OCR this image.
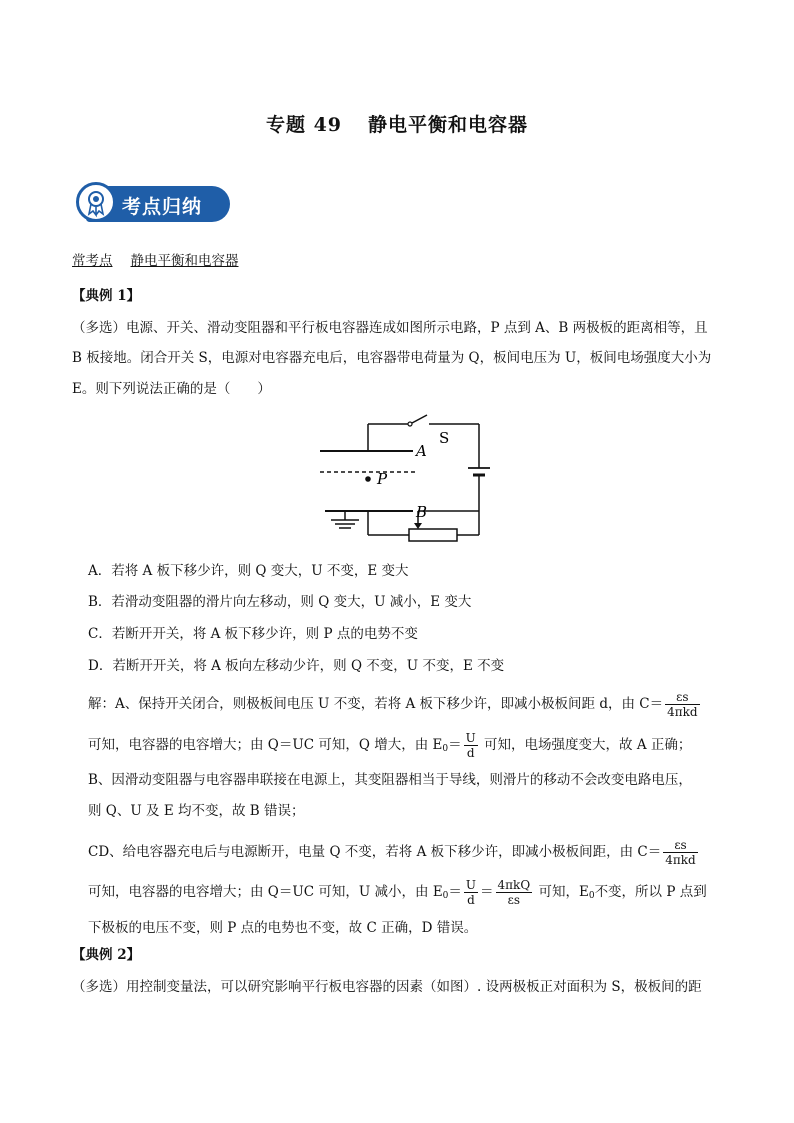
专题 49 静电平衡和电容器
考点归纳
常考点 静电平衡和电容器
【典例 1】
（多选）电源、开关、滑动变阻器和平行板电容器连成如图所示电路，P 点到 A、B 两极板的距离相等，且
B 板接地。闭合开关 S，电源对电容器充电后，电容器带电荷量为 Q，板间电压为 U，板间电场强度大小为
E。则下列说法正确的是（　　）
A
B
P
S
A．若将 A 板下移少许，则 Q 变大，U 不变，E 变大
B．若滑动变阻器的滑片向左移动，则 Q 变大，U 减小，E 变大
C．若断开开关，将 A 板下移少许，则 P 点的电势不变
D．若断开开关，将 A 板向左移动少许，则 Q 不变，U 不变，E 不变
解：A、保持开关闭合，则极板间电压 U 不变，若将 A 板下移少许，即减小极板间距 d，由 $C= \frac{\varepsilon s}{\text{4πkd}}$
可知，电容器的电容增大；由 Q＝UC 可知，Q 增大，由 $E_0= \frac{U}{d}$ 可知，电场强度变大，故 A 正确；
B、因滑动变阻器与电容器串联接在电源上，其变阻器相当于导线，则滑片的移动不会改变电路电压，
则 Q、U 及 E 均不变，故 B 错误；
CD、给电容器充电后与电源断开，电量 Q 不变，若将 A 板下移少许，即减小极板间距，由 $C= \frac{\varepsilon s}{\text{4πkd}}$
可知，电容器的电容增大；由 Q＝UC 可知，U 减小，由 $E_0= \frac{U}{d} = \frac{\text{4πkQ}}{\varepsilon s}$ 可知，$E_0$不变，所以 P 点到
下极板的电压不变，则 P 点的电势也不变，故 C 正确，D 错误。
【典例 2】
（多选）用控制变量法，可以研究影响平行板电容器的因素（如图）. 设两极板正对面积为 S，极板间的距
